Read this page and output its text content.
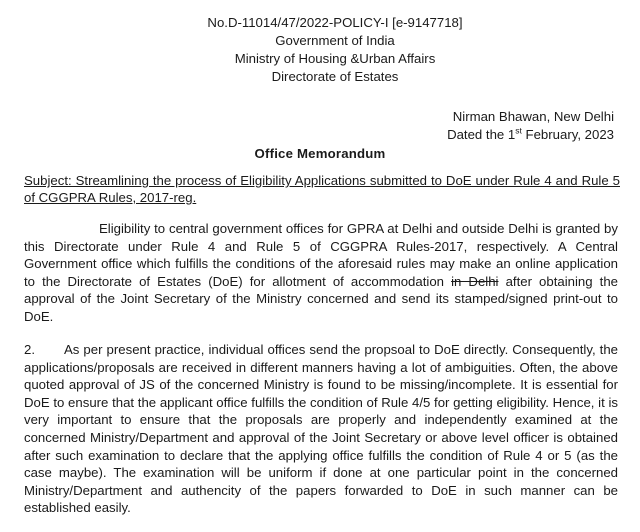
No.D-11014/47/2022-POLICY-I [e-9147718]
Government of India
Ministry of Housing &Urban Affairs
Directorate of Estates
Nirman Bhawan, New Delhi
Dated the 1st February, 2023
Office Memorandum
Subject: Streamlining the process of Eligibility Applications submitted to DoE under Rule 4 and Rule 5 of CGGPRA Rules, 2017-reg.
Eligibility to central government offices for GPRA at Delhi and outside Delhi is granted by this Directorate under Rule 4 and Rule 5 of CGGPRA Rules-2017, respectively. A Central Government office which fulfills the conditions of the aforesaid rules may make an online application to the Directorate of Estates (DoE) for allotment of accommodation in Delhi after obtaining the approval of the Joint Secretary of the Ministry concerned and send its stamped/signed print-out to DoE.
2. As per present practice, individual offices send the propsoal to DoE directly. Consequently, the applications/proposals are received in different manners having a lot of ambiguities. Often, the above quoted approval of JS of the concerned Ministry is found to be missing/incomplete. It is essential for DoE to ensure that the applicant office fulfills the condition of Rule 4/5 for getting eligibility. Hence, it is very important to ensure that the proposals are properly and independently examined at the concerned Ministry/Department and approval of the Joint Secretary or above level officer is obtained after such examination to declare that the applying office fulfills the condition of Rule 4 or 5 (as the case maybe). The examination will be uniform if done at one particular point in the concerned Ministry/Department and authencity of the papers forwarded to DoE in such manner can be established easily.
